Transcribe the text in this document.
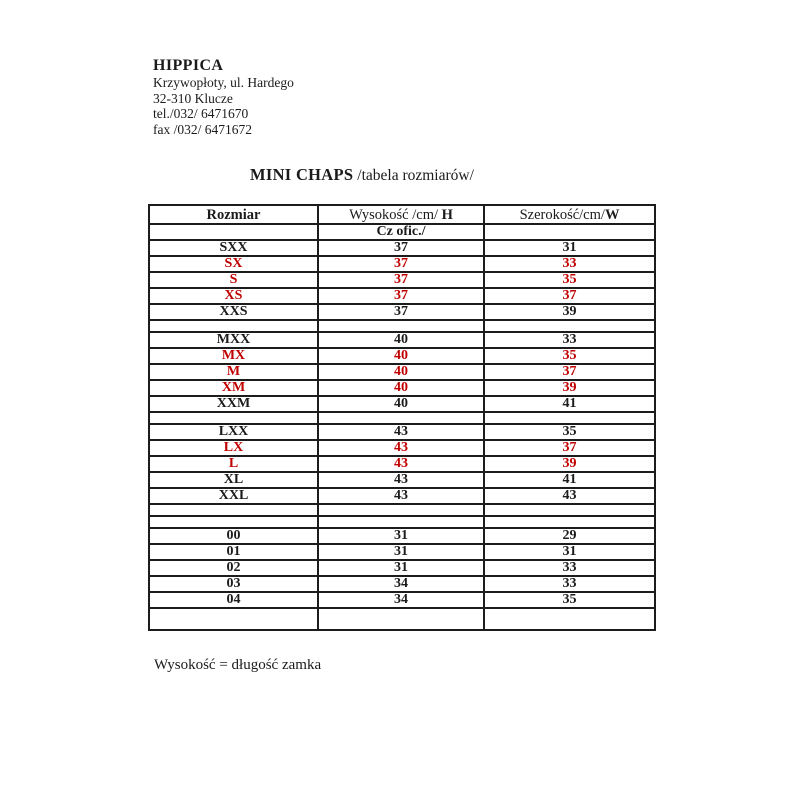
HIPPICA
Krzywopłoty, ul. Hardego
32-310 Klucze
tel./032/ 6471670
fax /032/ 6471672
MINI CHAPS /tabela rozmiarów/
Rozmiar	Wysokość /cm/ H	Szerokość/cm/W
	Cz ofic./	
SXX	37	31
SX	37	33
S	37	35
XS	37	37
XXS	37	39

MXX	40	33
MX	40	35
M	40	37
XM	40	39
XXM	40	41

LXX	43	35
LX	43	37
L	43	39
XL	43	41
XXL	43	43

00	31	29
01	31	31
02	31	33
03	34	33
04	34	35

Wysokość = długość zamka
